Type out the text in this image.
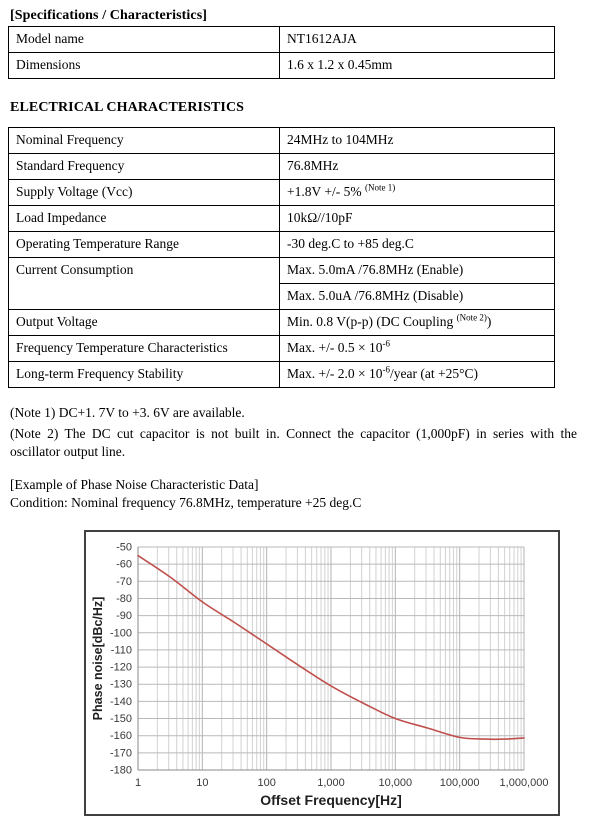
[Specifications / Characteristics]
Model name	NT1612AJA
Dimensions	1.6 x 1.2 x 0.45mm
ELECTRICAL CHARACTERISTICS
Nominal Frequency	24MHz to 104MHz
Standard Frequency	76.8MHz
Supply Voltage (Vcc)	+1.8V +/- 5% $^{(Note 1)}$
Load Impedance	10kΩ//10pF
Operating Temperature Range	-30 deg.C to +85 deg.C
Current Consumption	Max. 5.0mA /76.8MHz (Enable)
	Max. 5.0uA /76.8MHz (Disable)
Output Voltage	Min. 0.8 V(p-p) (DC Coupling $^{(Note 2)}$)
Frequency Temperature Characteristics	Max. +/- $0.5 \times 10^{-6}$
Long-term Frequency Stability	Max. +/- $2.0 \times 10^{-6}$/year (at +25°C)
(Note 1) DC+1. 7V to +3. 6V are available.
(Note 2) The DC cut capacitor is not built in. Connect the capacitor (1,000pF) in series with the
oscillator output line.
[Example of Phase Noise Characteristic Data]
Condition: Nominal frequency 76.8MHz, temperature +25 deg.C
-50
-60
-70
-80
-90
-100
-110
-120
-130
-140
-150
-160
-170
-180
1	10	100	1,000	10,000	100,000 1,000,000
Offset Frequency[Hz]
Phase noise[dBc/Hz]
